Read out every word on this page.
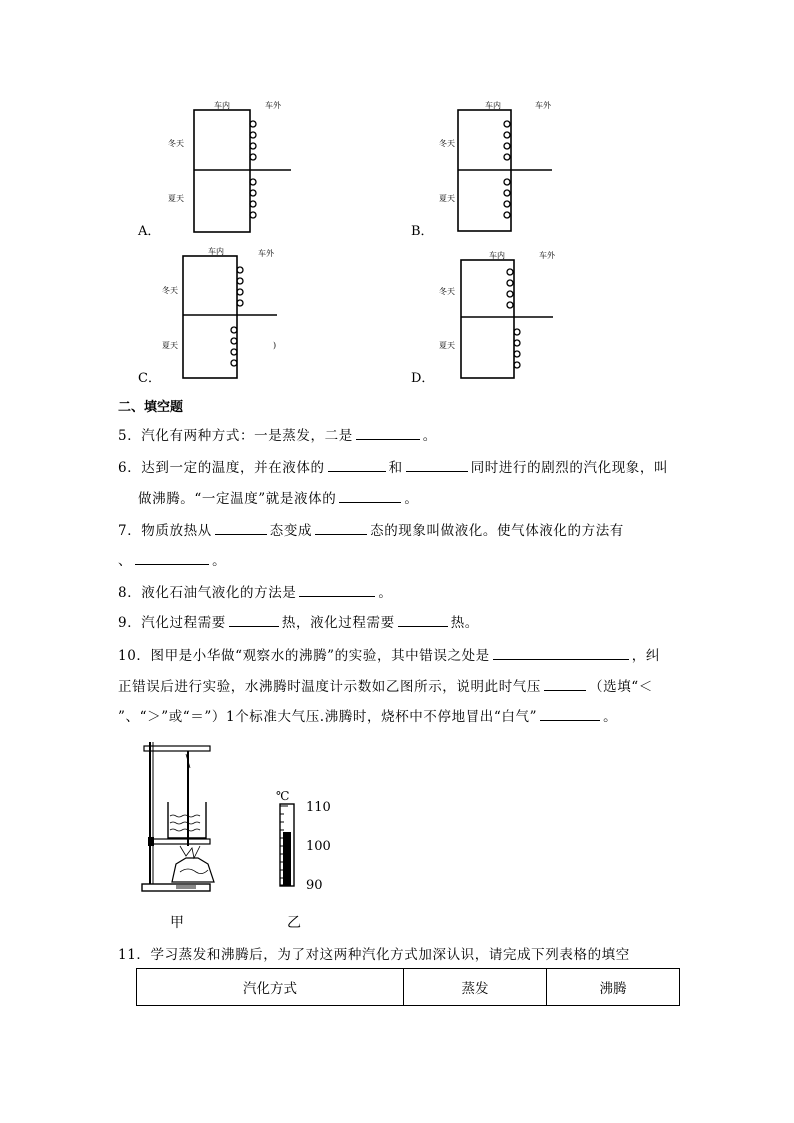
车内	车外
冬天
夏天
A．
车内	车外
冬天
夏天
B．
车内	车外
冬天
夏天	)
C．
车内	车外
冬天
夏天
D．
二、填空题
5．汽化有两种方式：一是蒸发，二是	。
6．达到一定的温度，并在液体的	和	同时进行的剧烈的汽化现象，叫
做沸腾。“一定温度”就是液体的	。
7．物质放热从	态变成	态的现象叫做液化。使气体液化的方法有
、	。
8．液化石油气液化的方法是	。
9．汽化过程需要	热，液化过程需要	热。
10．图甲是小华做“观察水的沸腾”的实验，其中错误之处是	，纠
正错误后进行实验，水沸腾时温度计示数如乙图所示，说明此时气压	（选填“＜
”、“＞”或“＝”）1个标准大气压.沸腾时，烧杯中不停地冒出“白气”	。
甲
℃
110
100
90
乙
11．学习蒸发和沸腾后，为了对这两种汽化方式加深认识，请完成下列表格的填空
汽化方式	蒸发	沸腾
